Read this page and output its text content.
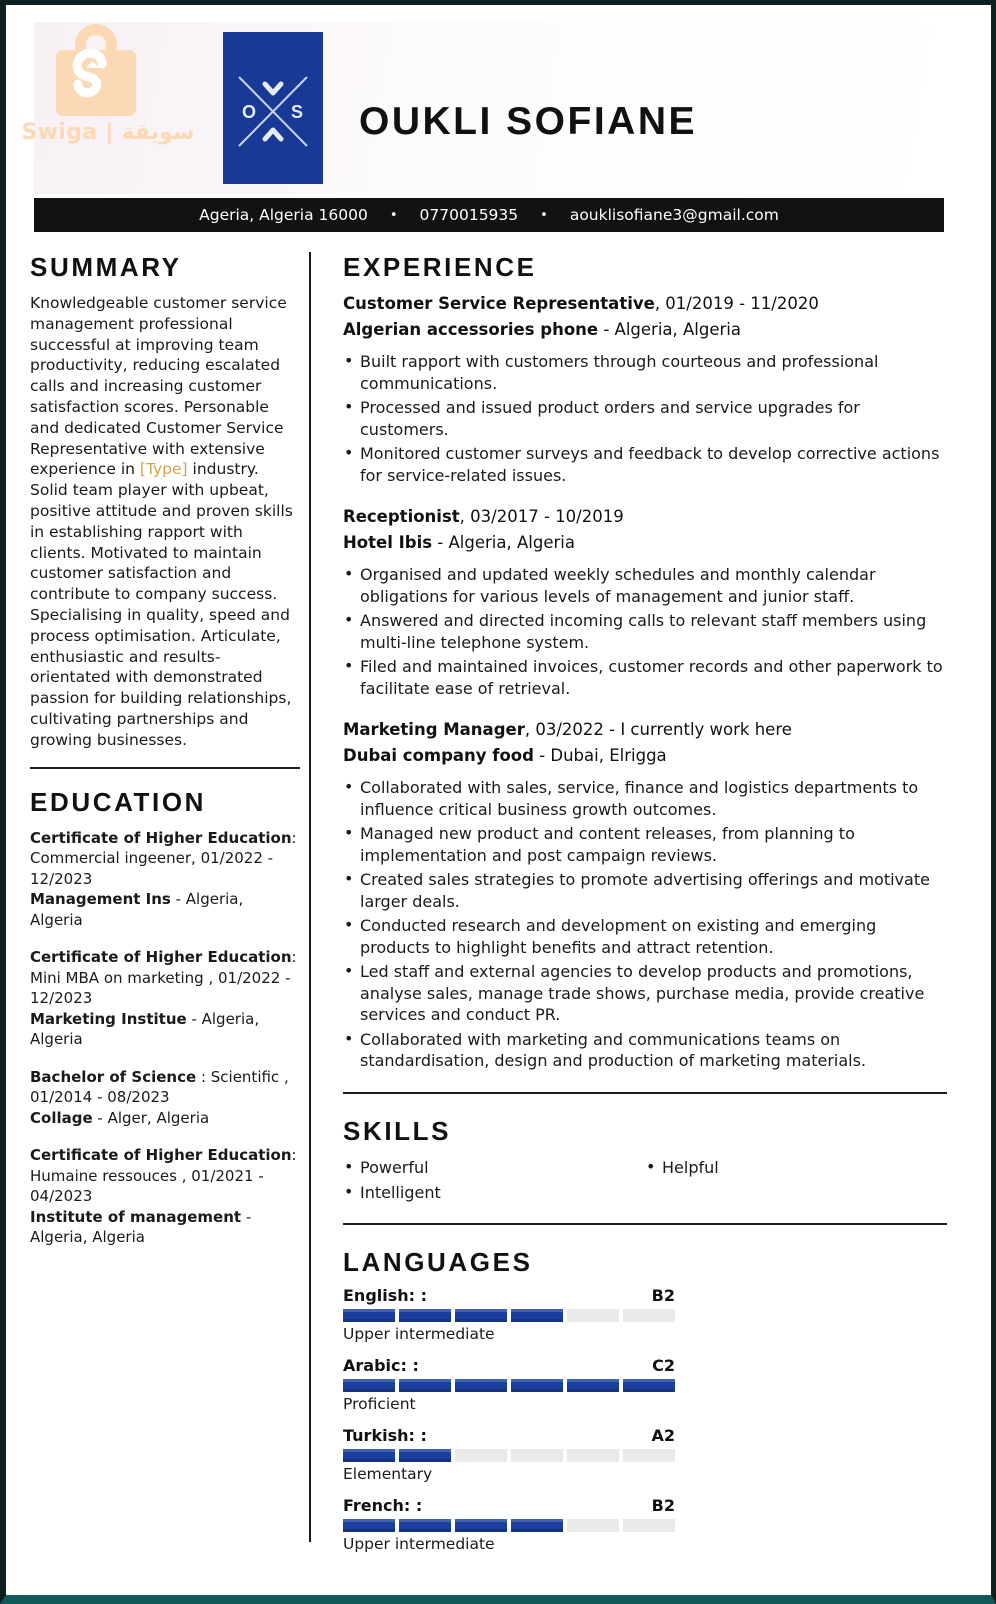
Swiga | سويقة
O S OUKLI SOFIANE
Ageria, Algeria 16000 • 0770015935 • aouklisofiane3@gmail.com
SUMMARY
Knowledgeable customer service management professional successful at improving team productivity, reducing escalated calls and increasing customer satisfaction scores. Personable and dedicated Customer Service Representative with extensive experience in [Type] industry. Solid team player with upbeat, positive attitude and proven skills in establishing rapport with clients. Motivated to maintain customer satisfaction and contribute to company success. Specialising in quality, speed and process optimisation. Articulate, enthusiastic and results-orientated with demonstrated passion for building relationships, cultivating partnerships and growing businesses.
EDUCATION
Certificate of Higher Education: Commercial ingeener, 01/2022 - 12/2023
Management Ins - Algeria, Algeria
Certificate of Higher Education: Mini MBA on marketing , 01/2022 - 12/2023
Marketing Institue - Algeria, Algeria
Bachelor of Science : Scientific , 01/2014 - 08/2023
Collage - Alger, Algeria
Certificate of Higher Education: Humaine ressouces , 01/2021 - 04/2023
Institute of management - Algeria, Algeria
EXPERIENCE
Customer Service Representative, 01/2019 - 11/2020
Algerian accessories phone - Algeria, Algeria
• Built rapport with customers through courteous and professional communications.
• Processed and issued product orders and service upgrades for customers.
• Monitored customer surveys and feedback to develop corrective actions for service-related issues.
Receptionist, 03/2017 - 10/2019
Hotel Ibis - Algeria, Algeria
• Organised and updated weekly schedules and monthly calendar obligations for various levels of management and junior staff.
• Answered and directed incoming calls to relevant staff members using multi-line telephone system.
• Filed and maintained invoices, customer records and other paperwork to facilitate ease of retrieval.
Marketing Manager, 03/2022 - I currently work here
Dubai company food - Dubai, Elrigga
• Collaborated with sales, service, finance and logistics departments to influence critical business growth outcomes.
• Managed new product and content releases, from planning to implementation and post campaign reviews.
• Created sales strategies to promote advertising offerings and motivate larger deals.
• Conducted research and development on existing and emerging products to highlight benefits and attract retention.
• Led staff and external agencies to develop products and promotions, analyse sales, manage trade shows, purchase media, provide creative services and conduct PR.
• Collaborated with marketing and communications teams on standardisation, design and production of marketing materials.
SKILLS
• Powerful
• Intelligent
• Helpful
LANGUAGES
English: :	B2
Upper intermediate
Arabic: :	C2
Proficient
Turkish: :	A2
Elementary
French: :	B2
Upper intermediate
